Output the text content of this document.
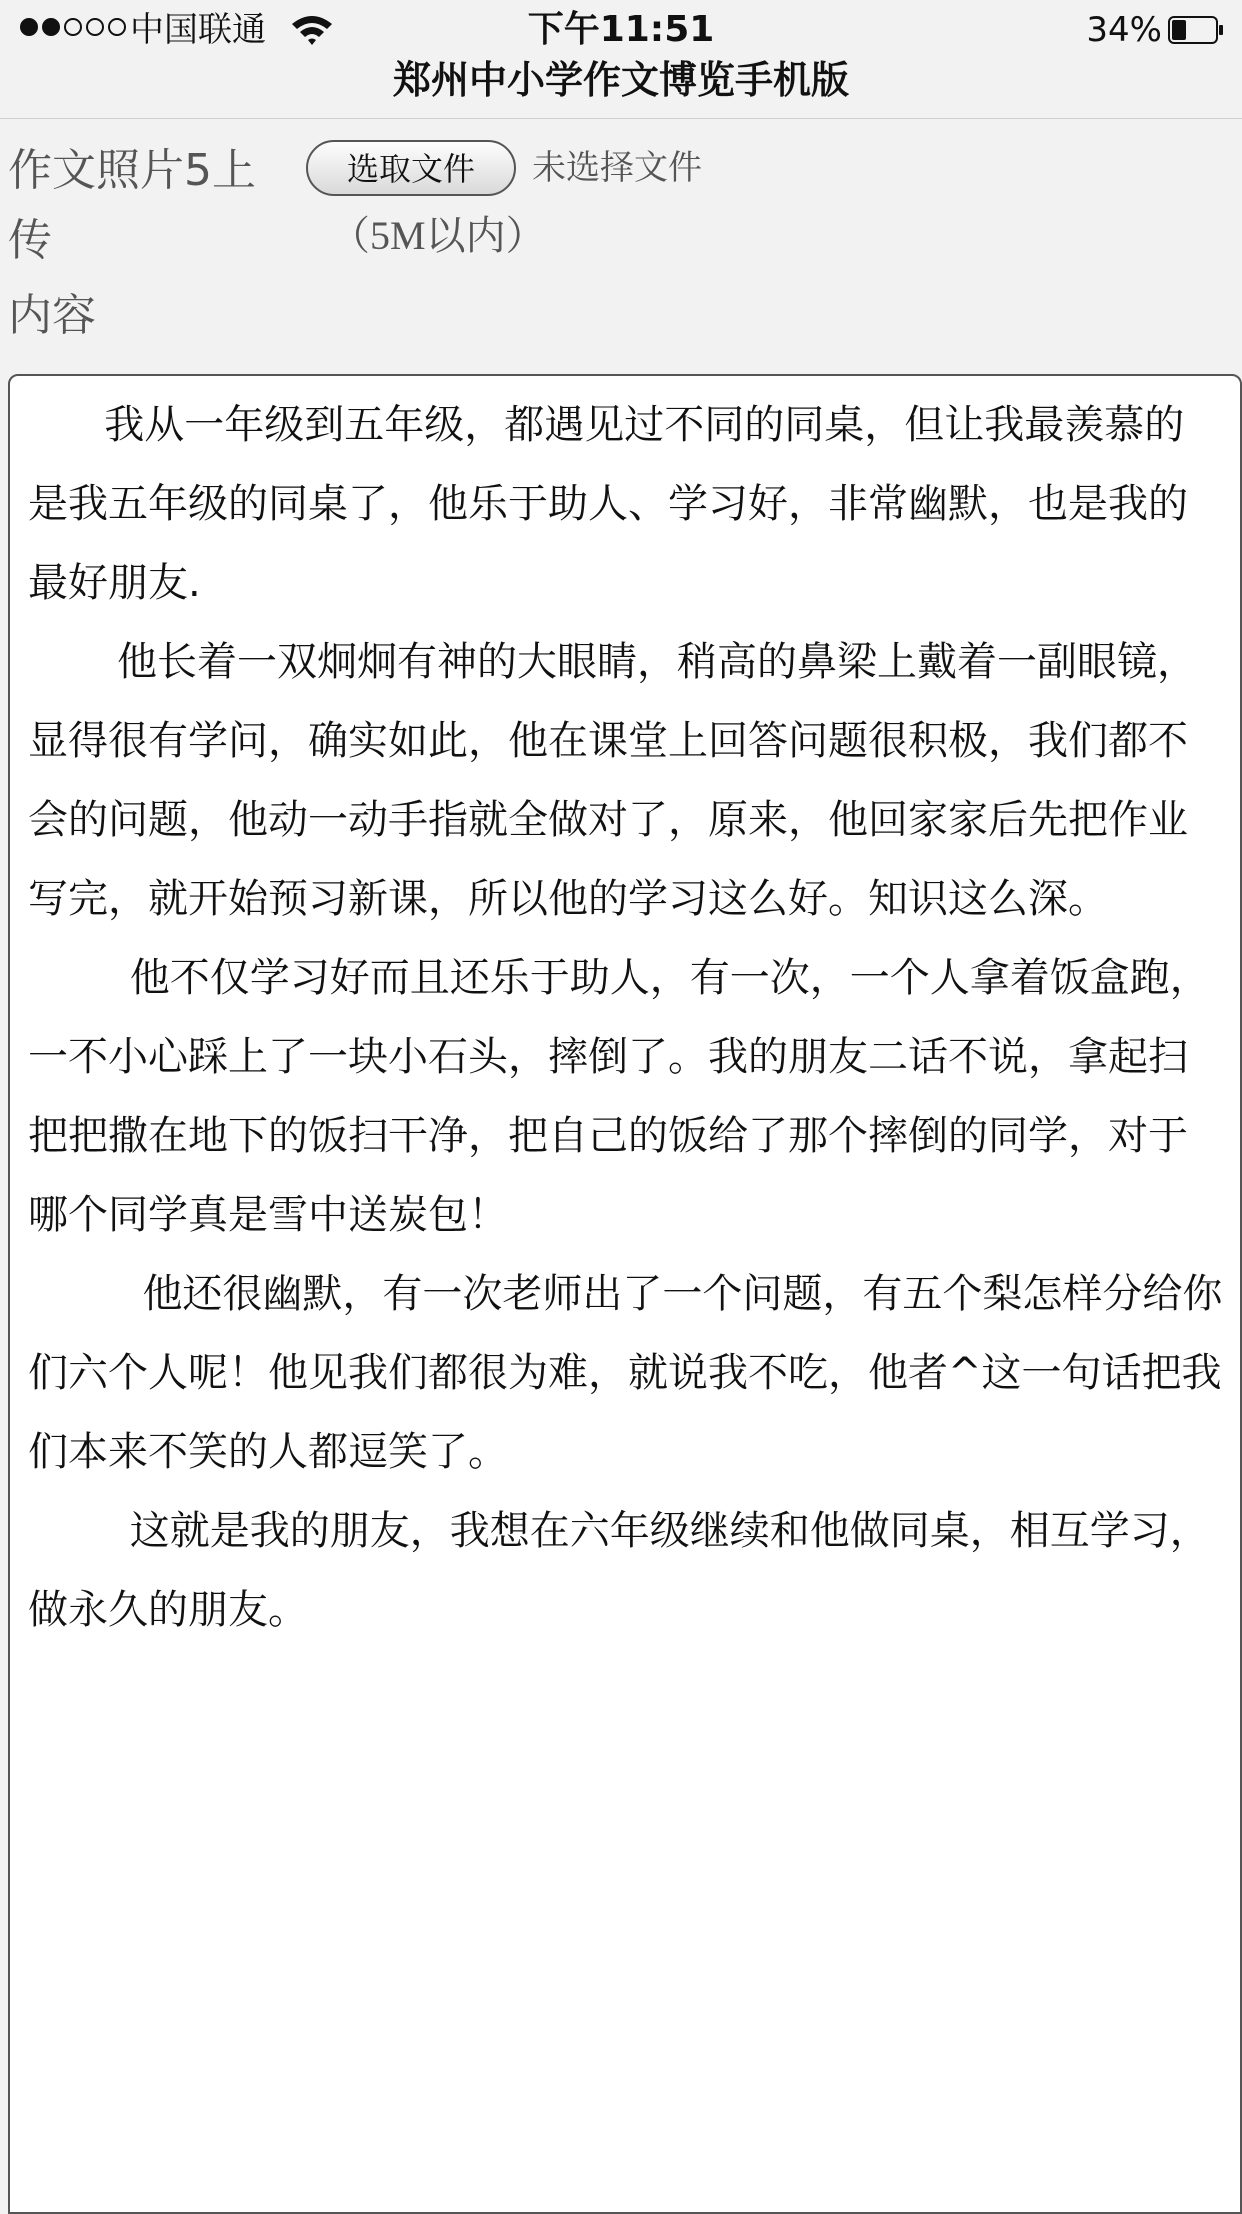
中国联通	下午11:51	34%
郑州中小学作文博览手机版
作文照片5上传
选取文件	未选择文件
（5M以内）
内容

我从一年级到五年级，都遇见过不同的同桌，但让我最羡慕的是我五年级的同桌了，他乐于助人、学习好，非常幽默，也是我的最好朋友.

他长着一双炯炯有神的大眼睛，稍高的鼻梁上戴着一副眼镜，显得很有学问，确实如此，他在课堂上回答问题很积极，我们都不会的问题，他动一动手指就全做对了，原来，他回家家后先把作业写完，就开始预习新课，所以他的学习这么好。知识这么深。

他不仅学习好而且还乐于助人，有一次，一个人拿着饭盒跑，一不小心踩上了一块小石头，摔倒了。我的朋友二话不说，拿起扫把把撒在地下的饭扫干净，把自己的饭给了那个摔倒的同学，对于哪个同学真是雪中送炭包！

他还很幽默，有一次老师出了一个问题，有五个梨怎样分给你们六个人呢！他见我们都很为难，就说我不吃，他者^这一句话把我们本来不笑的人都逗笑了。

这就是我的朋友，我想在六年级继续和他做同桌，相互学习，做永久的朋友。
